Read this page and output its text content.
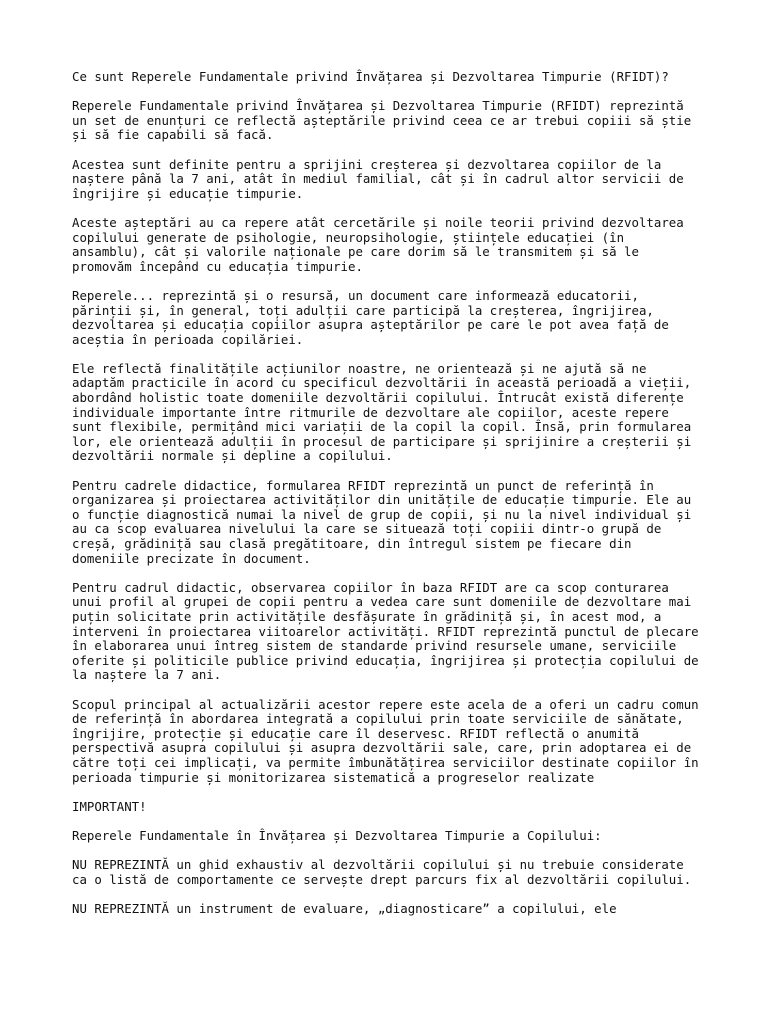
Ce sunt Reperele Fundamentale privind Învățarea și Dezvoltarea Timpurie (RFIDT)?

Reperele Fundamentale privind Învățarea și Dezvoltarea Timpurie (RFIDT) reprezintă un set de enunțuri ce reflectă așteptările privind ceea ce ar trebui copiii să știe și să fie capabili să facă.

Acestea sunt definite pentru a sprijini creșterea și dezvoltarea copiilor de la naștere până la 7 ani, atât în mediul familial, cât și în cadrul altor servicii de îngrijire și educație timpurie.

Aceste așteptări au ca repere atât cercetările și noile teorii privind dezvoltarea copilului generate de psihologie, neuropsihologie, științele educației (în ansamblu), cât și valorile naționale pe care dorim să le transmitem și să le promovăm începând cu educația timpurie.

Reperele... reprezintă și o resursă, un document care informează educatorii, părinții și, în general, toți adulții care participă la creșterea, îngrijirea, dezvoltarea și educația copiilor asupra așteptărilor pe care le pot avea față de aceștia în perioada copilăriei.

Ele reflectă finalitățile acțiunilor noastre, ne orientează și ne ajută să ne adaptăm practicile în acord cu specificul dezvoltării în această perioadă a vieții, abordând holistic toate domeniile dezvoltării copilului. Întrucât există diferențe individuale importante între ritmurile de dezvoltare ale copiilor, aceste repere sunt flexibile, permițând mici variații de la copil la copil. Însă, prin formularea lor, ele orientează adulții în procesul de participare și sprijinire a creșterii și dezvoltării normale și depline a copilului.

Pentru cadrele didactice, formularea RFIDT reprezintă un punct de referință în organizarea și proiectarea activităților din unitățile de educație timpurie. Ele au o funcție diagnostică numai la nivel de grup de copii, și nu la nivel individual și au ca scop evaluarea nivelului la care se situează toți copiii dintr-o grupă de creșă, grădiniță sau clasă pregătitoare, din întregul sistem pe fiecare din domeniile precizate în document.

Pentru cadrul didactic, observarea copiilor în baza RFIDT are ca scop conturarea unui profil al grupei de copii pentru a vedea care sunt domeniile de dezvoltare mai puțin solicitate prin activitățile desfășurate în grădiniță și, în acest mod, a interveni în proiectarea viitoarelor activități. RFIDT reprezintă punctul de plecare în elaborarea unui întreg sistem de standarde privind resursele umane, serviciile oferite și politicile publice privind educația, îngrijirea și protecția copilului de la naștere la 7 ani.

Scopul principal al actualizării acestor repere este acela de a oferi un cadru comun de referință în abordarea integrată a copilului prin toate serviciile de sănătate, îngrijire, protecție și educație care îl deservesc. RFIDT reflectă o anumită perspectivă asupra copilului și asupra dezvoltării sale, care, prin adoptarea ei de către toți cei implicați, va permite îmbunătățirea serviciilor destinate copiilor în perioada timpurie și monitorizarea sistematică a progreselor realizate

IMPORTANT!

Reperele Fundamentale în Învățarea și Dezvoltarea Timpurie a Copilului:

NU REPREZINTĂ un ghid exhaustiv al dezvoltării copilului și nu trebuie considerate ca o listă de comportamente ce servește drept parcurs fix al dezvoltării copilului.

NU REPREZINTĂ un instrument de evaluare, „diagnosticare” a copilului, ele
